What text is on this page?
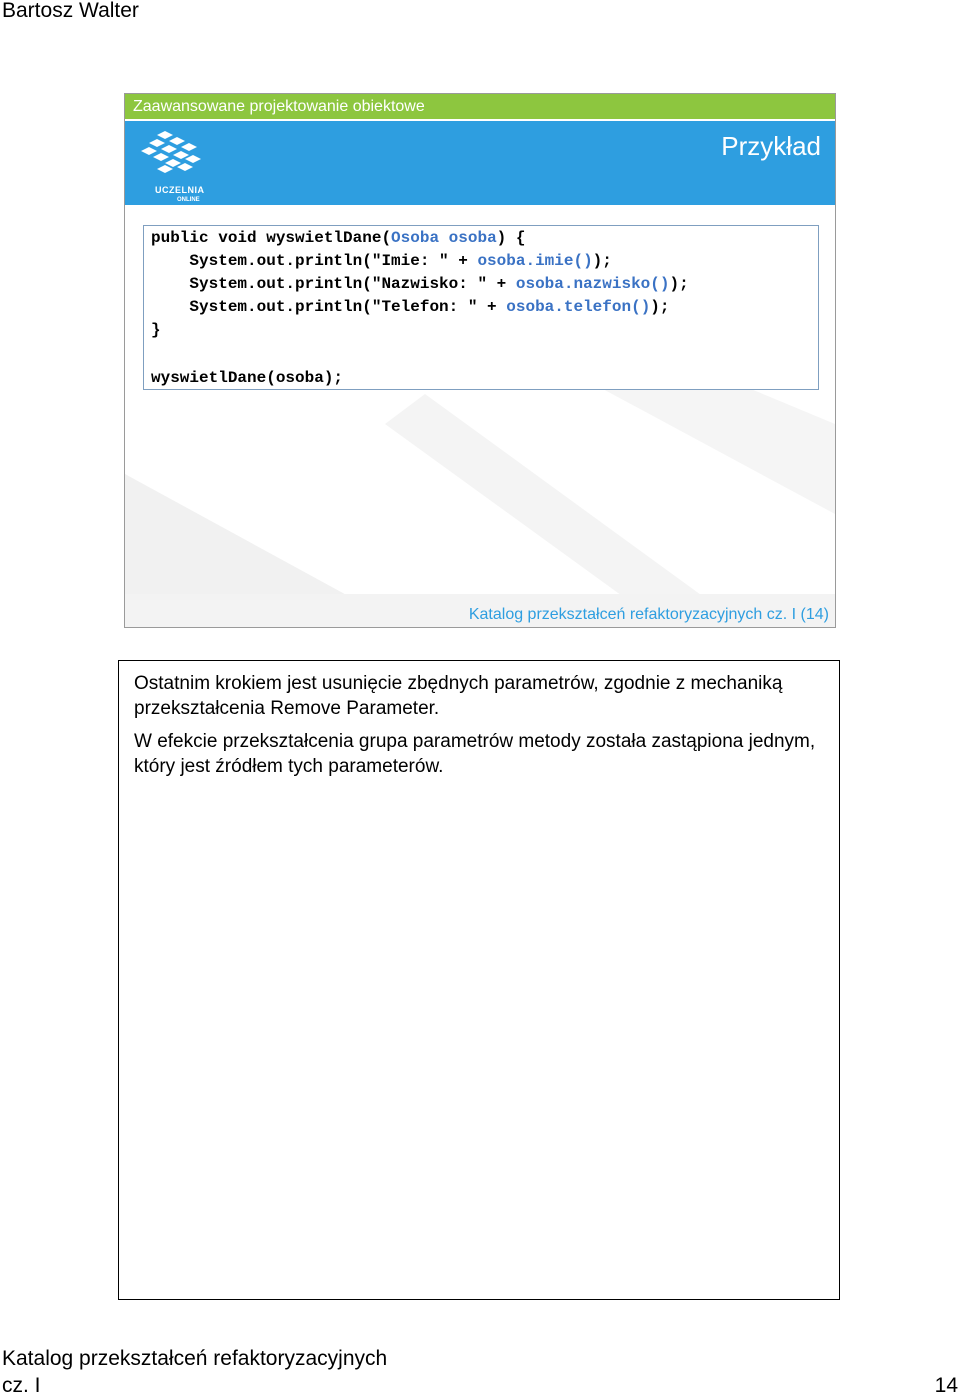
Bartosz Walter
Zaawansowane projektowanie obiektowe
UCZELNIA
ONLINE
Przykład
public void wyswietlDane(Osoba osoba) {
System.out.println("Imie: " + osoba.imie());
System.out.println("Nazwisko: " + osoba.nazwisko());
System.out.println("Telefon: " + osoba.telefon());
}
wyswietlDane(osoba);
Katalog przekształceń refaktoryzacyjnych cz. I (14)

Ostatnim krokiem jest usunięcie zbędnych parametrów, zgodnie z mechaniką przekształcenia Remove Parameter.

W efekcie przekształcenia grupa parametrów metody została zastąpiona jednym, który jest źródłem tych parameterów.

Katalog przekształceń refaktoryzacyjnych
cz. I	14
